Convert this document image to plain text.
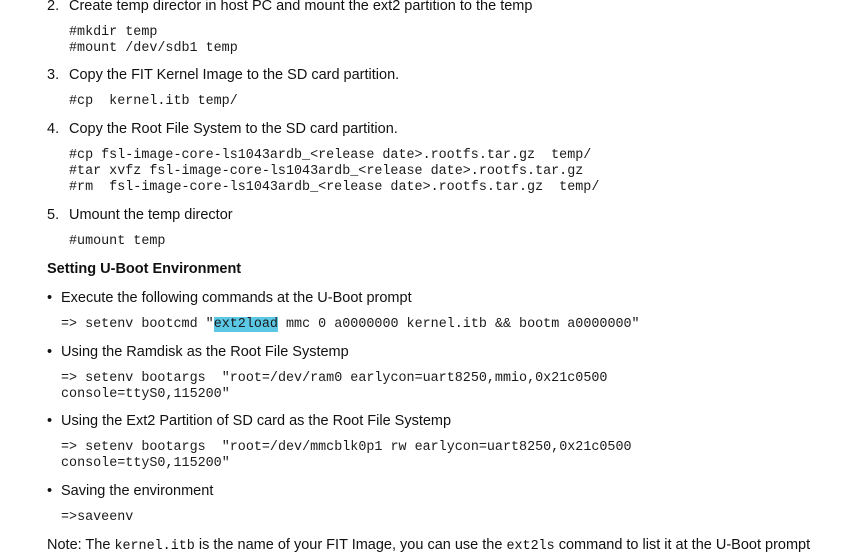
2. Create temp director in host PC and mount the ext2 partition to the temp
#mkdir temp
#mount /dev/sdb1 temp
3. Copy the FIT Kernel Image to the SD card partition.
#cp  kernel.itb temp/
4. Copy the Root File System to the SD card partition.
#cp fsl-image-core-ls1043ardb_<release date>.rootfs.tar.gz  temp/
#tar xvfz fsl-image-core-ls1043ardb_<release date>.rootfs.tar.gz
#rm  fsl-image-core-ls1043ardb_<release date>.rootfs.tar.gz  temp/
5. Umount the temp director
#umount temp
Setting U-Boot Environment
• Execute the following commands at the U-Boot prompt
=> setenv bootcmd "ext2load mmc 0 a0000000 kernel.itb && bootm a0000000"
• Using the Ramdisk as the Root File Systemp
=> setenv bootargs  "root=/dev/ram0 earlycon=uart8250,mmio,0x21c0500
console=ttyS0,115200"
• Using the Ext2 Partition of SD card as the Root File Systemp
=> setenv bootargs  "root=/dev/mmcblk0p1 rw earlycon=uart8250,0x21c0500
console=ttyS0,115200"
• Saving the environment
=>saveenv
Note: The kernel.itb is the name of your FIT Image, you can use the ext2ls command to list it at the U-Boot prompt
